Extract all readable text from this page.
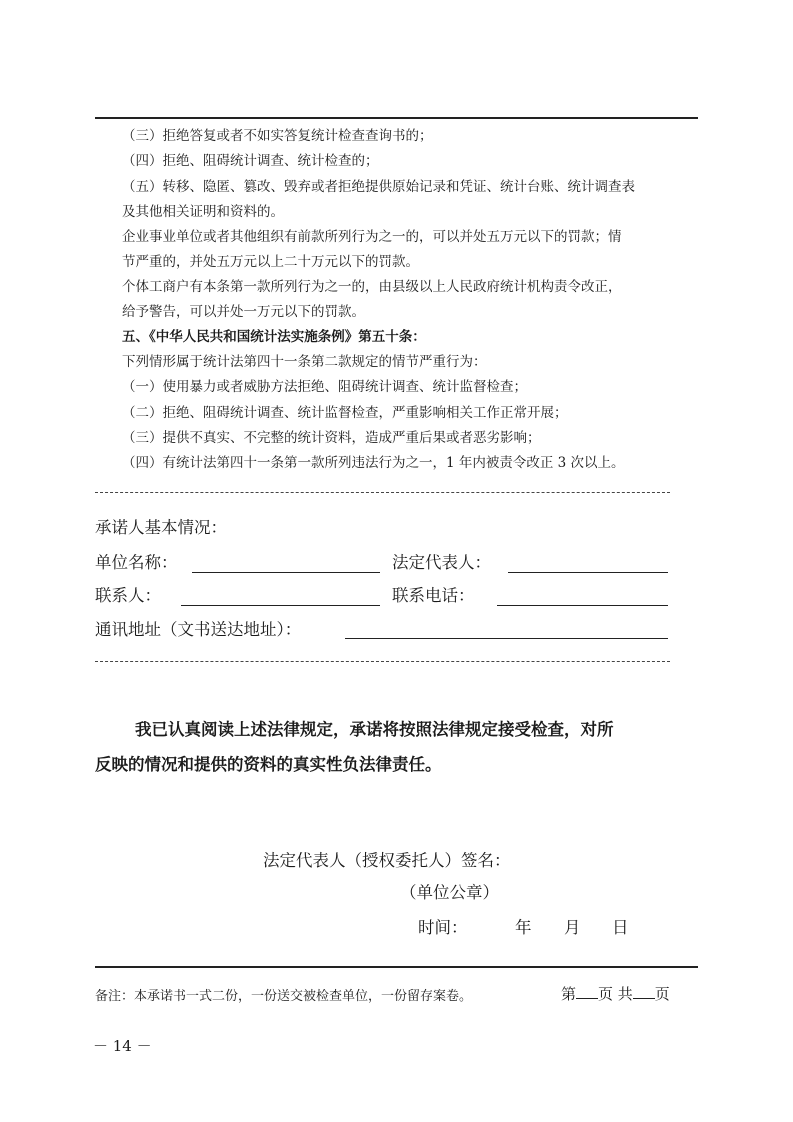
（三）拒绝答复或者不如实答复统计检查查询书的；

（四）拒绝、阻碍统计调查、统计检查的；

（五）转移、隐匿、篡改、毁弃或者拒绝提供原始记录和凭证、统计台账、统计调查表

及其他相关证明和资料的。

企业事业单位或者其他组织有前款所列行为之一的，可以并处五万元以下的罚款；情

节严重的，并处五万元以上二十万元以下的罚款。

个体工商户有本条第一款所列行为之一的，由县级以上人民政府统计机构责令改正，

给予警告，可以并处一万元以下的罚款。

五、《中华人民共和国统计法实施条例》第五十条：

下列情形属于统计法第四十一条第二款规定的情节严重行为：

（一）使用暴力或者威胁方法拒绝、阻碍统计调查、统计监督检查；

（二）拒绝、阻碍统计调查、统计监督检查，严重影响相关工作正常开展；

（三）提供不真实、不完整的统计资料，造成严重后果或者恶劣影响；

（四）有统计法第四十一条第一款所列违法行为之一，1 年内被责令改正 3 次以上。

承诺人基本情况：

单位名称：	法定代表人：

联系人：	联系电话：

通讯地址（文书送达地址）：

我已认真阅读上述法律规定，承诺将按照法律规定接受检查，对所
反映的情况和提供的资料的真实性负法律责任。

法定代表人（授权委托人）签名：

（单位公章）

时间：	年 月 日

备注：本承诺书一式二份，一份送交被检查单位，一份留存案卷。	第 页 共 页
－ 14 －
